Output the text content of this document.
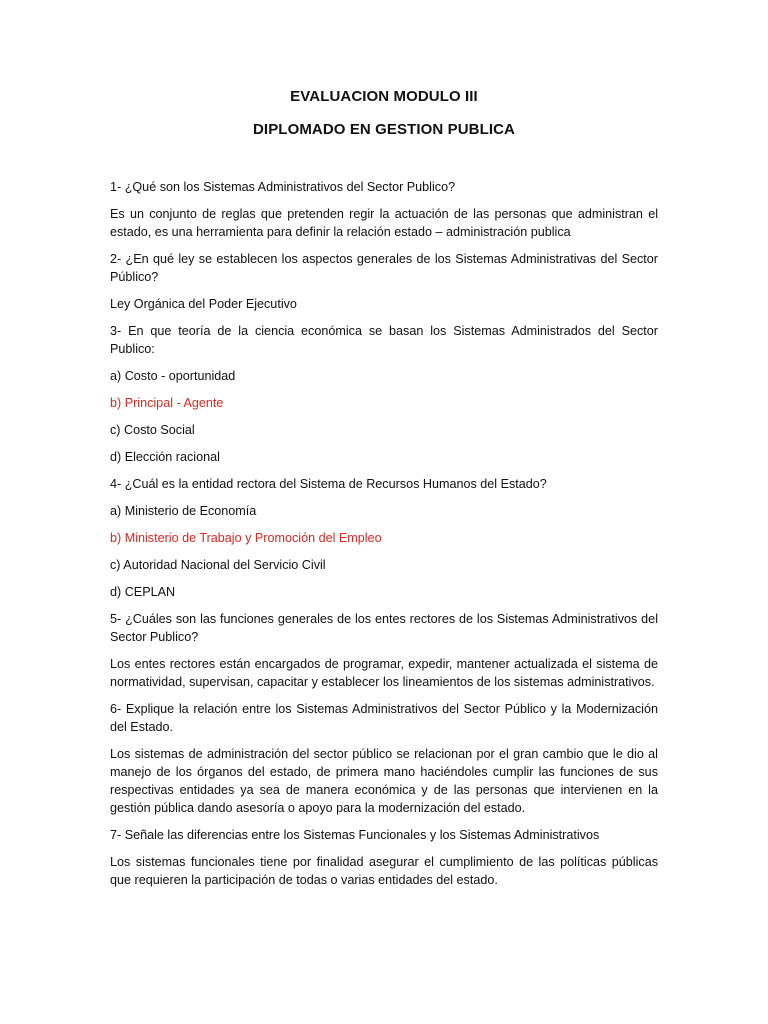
EVALUACION MODULO III
DIPLOMADO EN GESTION PUBLICA

1- ¿Qué son los Sistemas Administrativos del Sector Publico?

Es un conjunto de reglas que pretenden regir la actuación de las personas que administran el estado, es una herramienta para definir la relación estado – administración publica

2- ¿En qué ley se establecen los aspectos generales de los Sistemas Administrativas del Sector Público?

Ley Orgánica del Poder Ejecutivo

3- En que teoría de la ciencia económica se basan los Sistemas Administrados del Sector Publico:

a) Costo - oportunidad

b) Principal - Agente

c) Costo Social

d) Elección racional

4- ¿Cuál es la entidad rectora del Sistema de Recursos Humanos del Estado?

a) Ministerio de Economía

b) Ministerio de Trabajo y Promoción del Empleo

c) Autoridad Nacional del Servicio Civil

d) CEPLAN

5- ¿Cuáles son las funciones generales de los entes rectores de los Sistemas Administrativos del Sector Publico?

Los entes rectores están encargados de programar, expedir, mantener actualizada el sistema de normatividad, supervisan, capacitar y establecer los lineamientos de los sistemas administrativos.

6- Explique la relación entre los Sistemas Administrativos del Sector Público y la Modernización del Estado.

Los sistemas de administración del sector público se relacionan por el gran cambio que le dio al manejo de los órganos del estado, de primera mano haciéndoles cumplir las funciones de sus respectivas entidades ya sea de manera económica y de las personas que intervienen en la gestión pública dando asesoría o apoyo para la modernización del estado.

7- Señale las diferencias entre los Sistemas Funcionales y los Sistemas Administrativos

Los sistemas funcionales tiene por finalidad asegurar el cumplimiento de las políticas públicas que requieren la participación de todas o varias entidades del estado.
